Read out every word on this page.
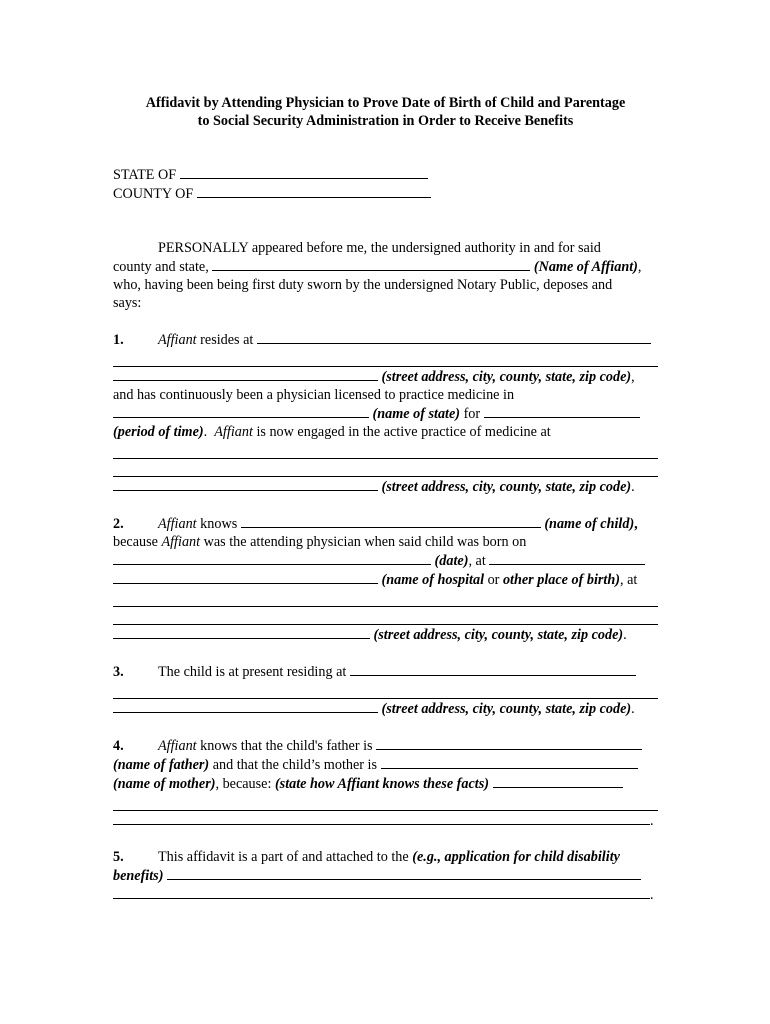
Affidavit by Attending Physician to Prove Date of Birth of Child and Parentage
to Social Security Administration in Order to Receive Benefits

STATE OF
COUNTY OF
PERSONALLY appeared before me, the undersigned authority in and for said
county and state,	(Name of Affiant),
who, having been being first duty sworn by the undersigned Notary Public, deposes and
says:
1. Affiant resides at
(street address, city, county, state, zip code),
and has continuously been a physician licensed to practice medicine in
(name of state) for
(period of time).  Affiant is now engaged in the active practice of medicine at
(street address, city, county, state, zip code).
2. Affiant knows	(name of child),
because Affiant was the attending physician when said child was born on
(date), at
(name of hospital or other place of birth), at
(street address, city, county, state, zip code).
3. The child is at present residing at
(street address, city, county, state, zip code).
4. Affiant knows that the child's father is
(name of father) and that the child’s mother is
(name of mother), because: (state how Affiant knows these facts)
.
5. This affidavit is a part of and attached to the (e.g., application for child disability
benefits)
.
